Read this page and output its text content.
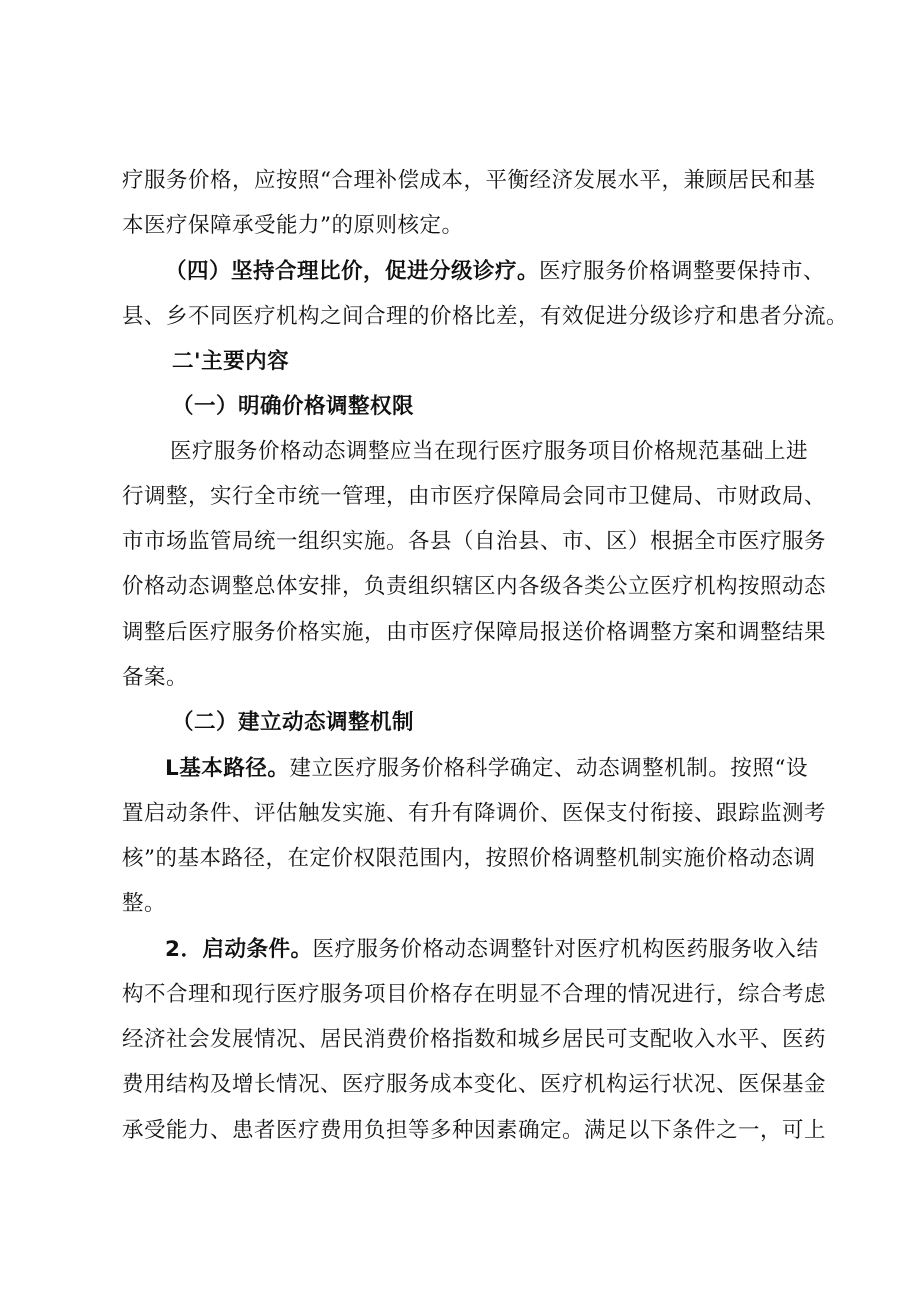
疗服务价格，应按照“合理补偿成本，平衡经济发展水平，兼顾居民和基
本医疗保障承受能力”的原则核定。
（四）坚持合理比价，促进分级诊疗。医疗服务价格调整要保持市、
县、乡不同医疗机构之间合理的价格比差，有效促进分级诊疗和患者分流。
二'主要内容
（一）明确价格调整权限
医疗服务价格动态调整应当在现行医疗服务项目价格规范基础上进
行调整，实行全市统一管理，由市医疗保障局会同市卫健局、市财政局、
市市场监管局统一组织实施。各县（自治县、市、区）根据全市医疗服务
价格动态调整总体安排，负责组织辖区内各级各类公立医疗机构按照动态
调整后医疗服务价格实施，由市医疗保障局报送价格调整方案和调整结果
备案。
（二）建立动态调整机制
L基本路径。建立医疗服务价格科学确定、动态调整机制。按照“设
置启动条件、评估触发实施、有升有降调价、医保支付衔接、跟踪监测考
核”的基本路径，在定价权限范围内，按照价格调整机制实施价格动态调
整。
2．启动条件。医疗服务价格动态调整针对医疗机构医药服务收入结
构不合理和现行医疗服务项目价格存在明显不合理的情况进行，综合考虑
经济社会发展情况、居民消费价格指数和城乡居民可支配收入水平、医药
费用结构及增长情况、医疗服务成本变化、医疗机构运行状况、医保基金
承受能力、患者医疗费用负担等多种因素确定。满足以下条件之一，可上
